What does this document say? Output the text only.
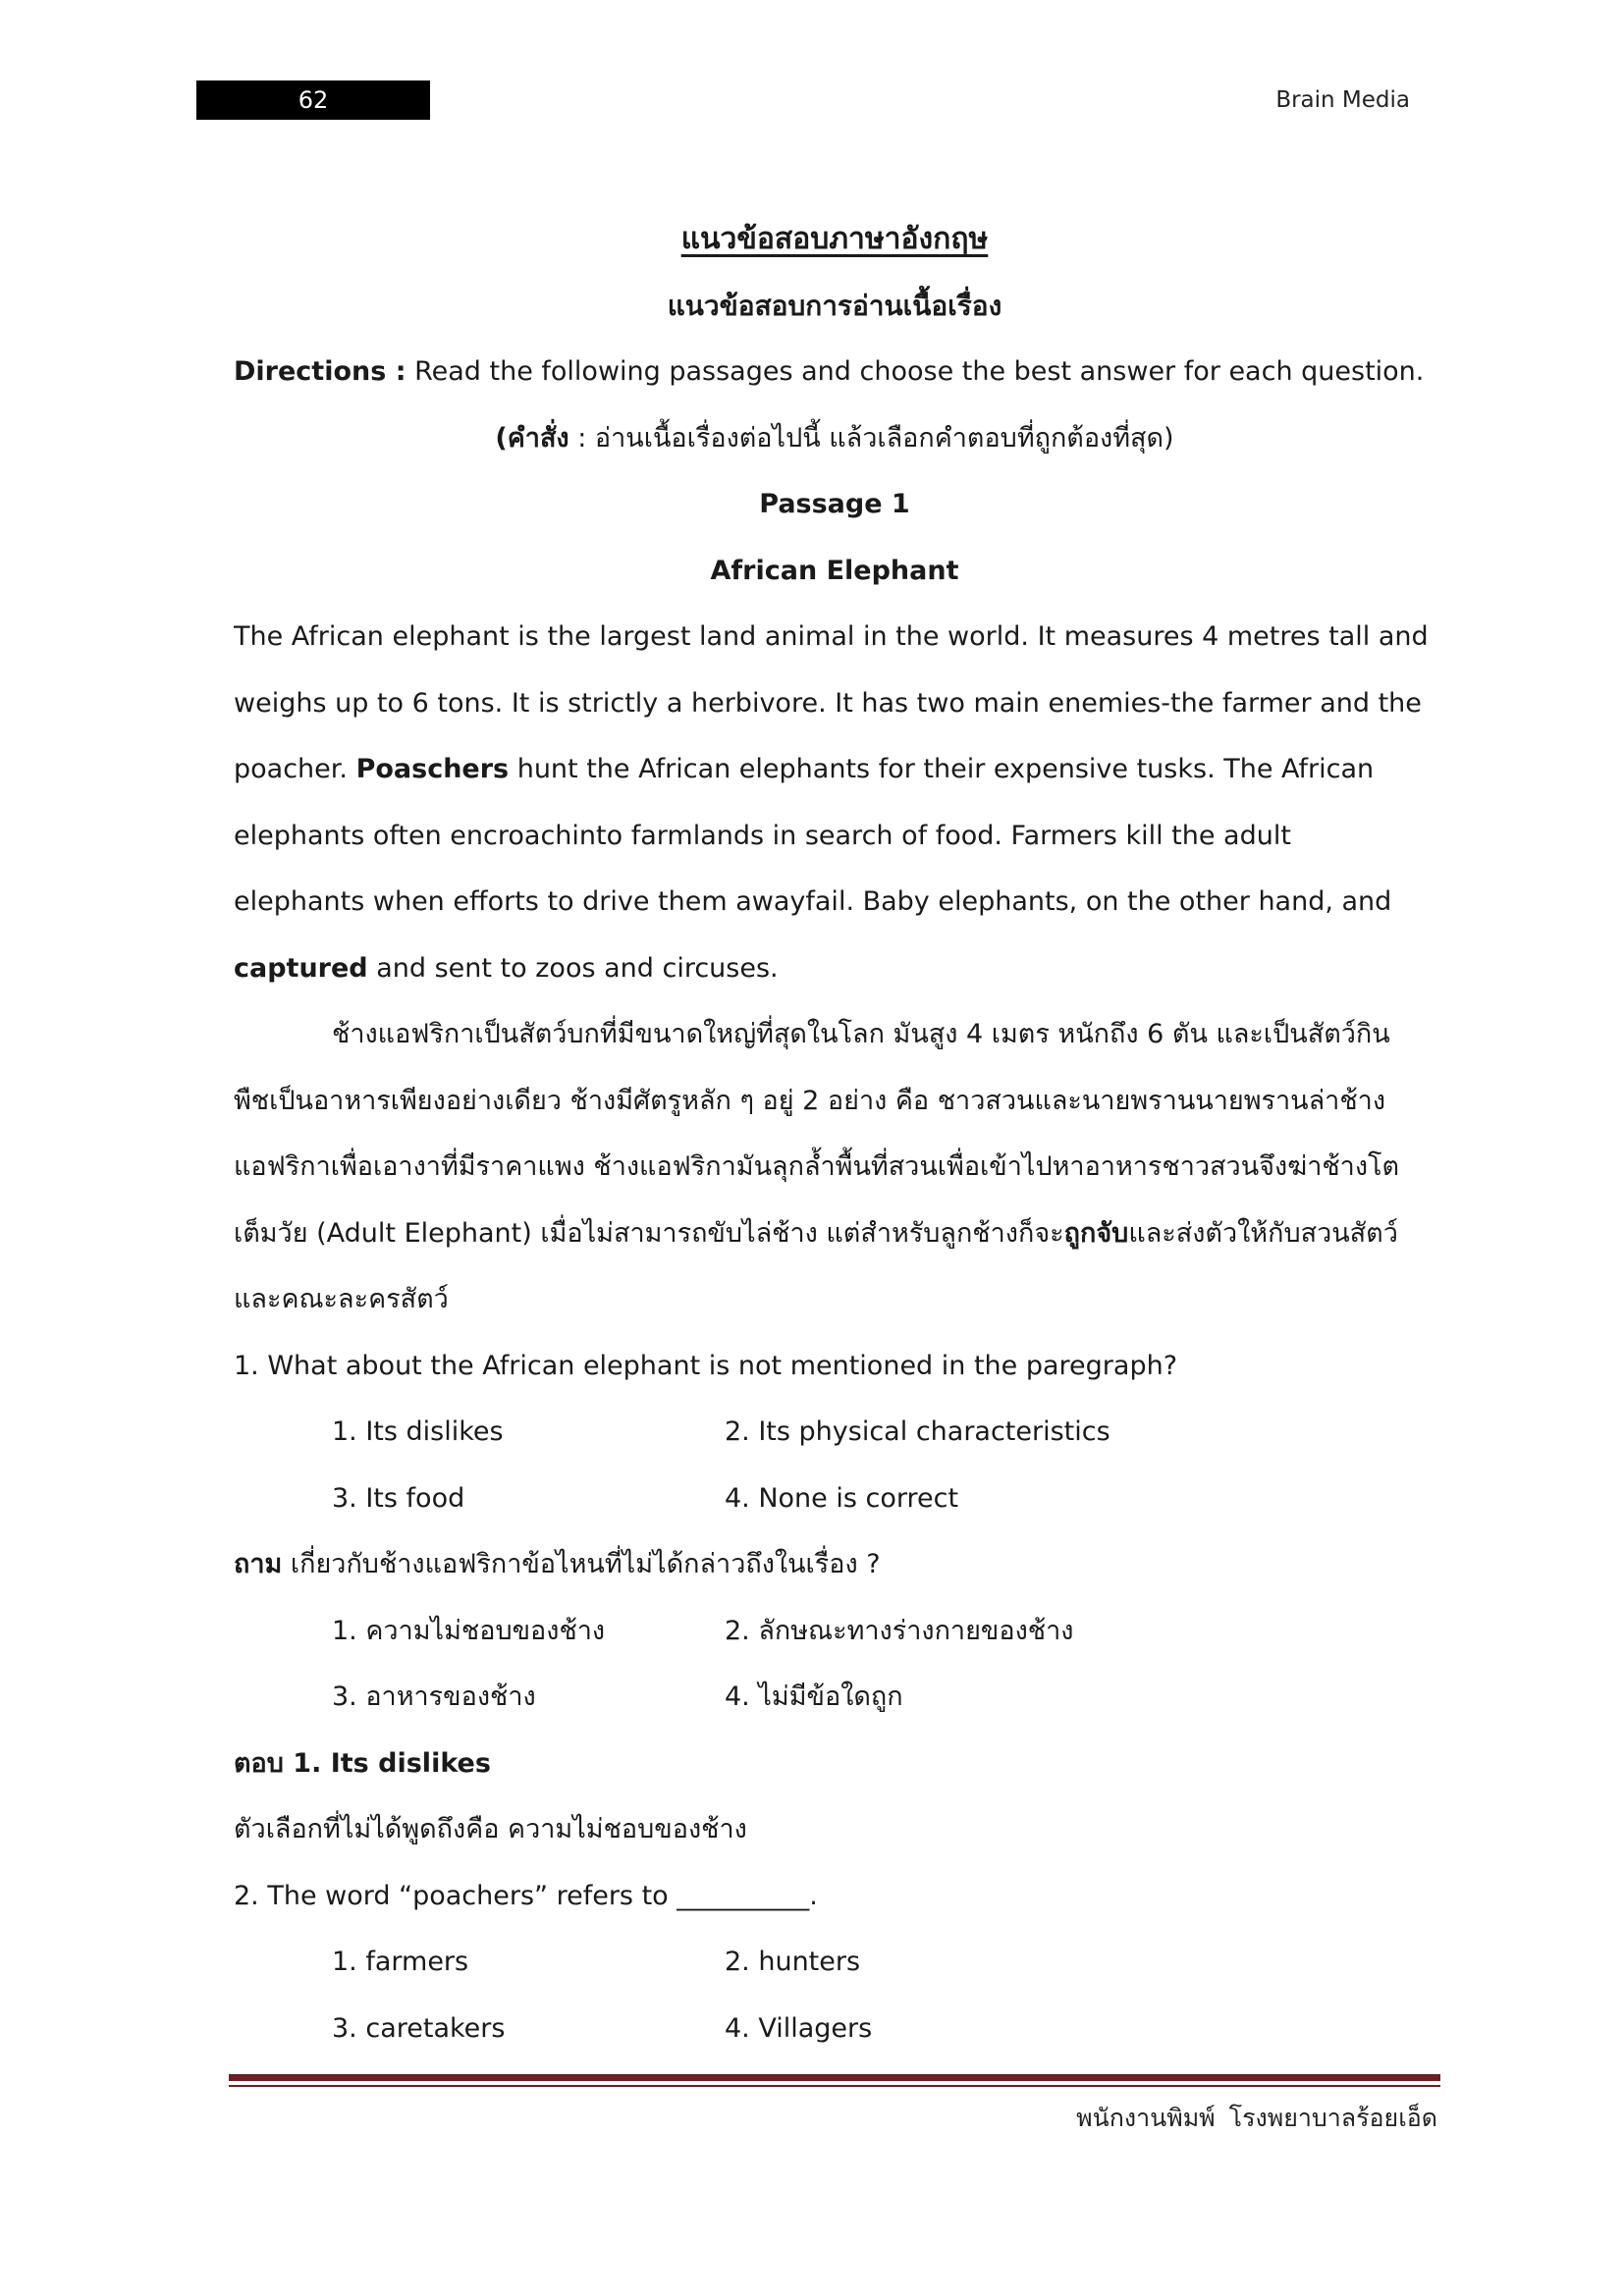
62	Brain Media
แนวข้อสอบภาษาอังกฤษ
แนวข้อสอบการอ่านเนื้อเรื่อง
Directions : Read the following passages and choose the best answer for each question.
(คำสั่ง : อ่านเนื้อเรื่องต่อไปนี้ แล้วเลือกคำตอบที่ถูกต้องที่สุด)
Passage 1
African Elephant
The African elephant is the largest land animal in the world. It measures 4 metres tall and
weighs up to 6 tons. It is strictly a herbivore. It has two main enemies-the farmer and the
poacher. Poaschers hunt the African elephants for their expensive tusks. The African
elephants often encroachinto farmlands in search of food. Farmers kill the adult
elephants when efforts to drive them awayfail. Baby elephants, on the other hand, and
captured and sent to zoos and circuses.
ช้างแอฟริกาเป็นสัตว์บกที่มีขนาดใหญ่ที่สุดในโลก มันสูง 4 เมตร หนักถึง 6 ตัน และเป็นสัตว์กิน
พืชเป็นอาหารเพียงอย่างเดียว ช้างมีศัตรูหลัก ๆ อยู่ 2 อย่าง คือ ชาวสวนและนายพรานนายพรานล่าช้าง
แอฟริกาเพื่อเอางาที่มีราคาแพง ช้างแอฟริกามันลุกล้ำพื้นที่สวนเพื่อเข้าไปหาอาหารชาวสวนจึงฆ่าช้างโต
เต็มวัย (Adult Elephant) เมื่อไม่สามารถขับไล่ช้าง แต่สำหรับลูกช้างก็จะถูกจับและส่งตัวให้กับสวนสัตว์
และคณะละครสัตว์
1. What about the African elephant is not mentioned in the paregraph?
1. Its dislikes	2. Its physical characteristics
3. Its food	4. None is correct
ถาม เกี่ยวกับช้างแอฟริกาข้อไหนที่ไม่ได้กล่าวถึงในเรื่อง ?
1. ความไม่ชอบของช้าง	2. ลักษณะทางร่างกายของช้าง
3. อาหารของช้าง	4. ไม่มีข้อใดถูก
ตอบ 1. Its dislikes
ตัวเลือกที่ไม่ได้พูดถึงคือ ความไม่ชอบของช้าง
2. The word “poachers” refers to __________.
1. farmers	2. hunters
3. caretakers	4. Villagers
พนักงานพิมพ์ โรงพยาบาลร้อยเอ็ด
